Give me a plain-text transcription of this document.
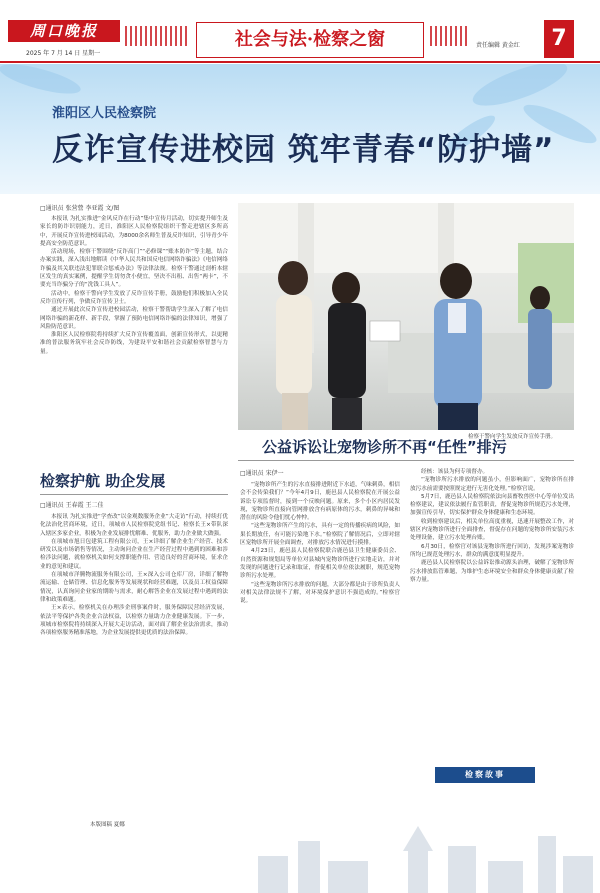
周口晚报
2025 年 7 月 14 日 星期一
社会与法·检察之窗	责任编辑 黄金红	7
淮阳区人民检察院
反诈宣传进校园 筑牢青春“防护墙”
□通讯员 张营營 李亚霞 文/图

本报讯 为扎实推进“金风反诈在行动”集中宣传月活动，切实提升师生及家长的防诈识别能力，近日，淮阳区人民检察院组织干警走进辖区多所高中，开展反诈宣传进校园活动，为8000余名师生普及反诈知识，引导青少年提高安全防范意识。

活动现场，检察干警围绕“反诈高门”“必修课”“账本防诈”等主题，结合办案实践，深入浅出地解读《中华人民共和国反电信网络诈骗法》《电信网络诈骗及其关联违法犯罪联合惩戒办法》等法律法规。检察干警通过剖析本辖区发生的真实案例，提醒学生切勿贪小便宜，坚决不出租、出售“两卡”，不要充当诈骗分子的“洗钱工具人”。

活动中，检察干警向学生发放了反诈宣传手册，鼓励他们积极加入全民反诈宣传行列，争做反诈宣传卫士。

通过开展此次反诈宣传进校园活动，检察干警帮助学生深入了解了电信网络诈骗的新花样、新手段，掌握了预防电信网络诈骗的法律知识，增强了风险防范意识。

淮阳区人民检察院将持续扩大反诈宣传覆盖面，创新宣传形式，以更精准的普法服务筑牢社会反诈防线，为建设平安和谐社会贡献检察智慧与力量。

检察干警向学生发放反诈宣传手册。
检察护航 助企发展
□通讯员 王春霞 王二佳

本报讯 为扎实推进“学查改”以金观数服务企业”大走访”行动，持续打优化法治化营商环境，近日，项城市人民检察院党组书记、检察长王×带队深入辖区多家企业，积极为企业发展排忧解难、优服务，助力企业做大做强。

在项城市旭日包建筑工程有限公司，王×详细了解企业生产经营、技术研发以及市场销售等情况，主动询问企业在生产经营过程中遇到的困难和涉检涉法问题，就检察机关如何支撑职能作用、营造良好的营商环境，征求企业的意见和建议。

在项城市洋腾物流服务有限公司，王×深入公司仓库厂房，详细了解物流运输、仓储管理、信息化服务等发展现状和经营难题，以及员工权益保障情况，认真询问企业家的期盼与需求，耐心解答企业在发展过程中遇到的法律和政策难题。

王×表示，检察机关在办理涉企刑事案件时，服务保障民营经济发展，依法平等保护各类企业合法权益，以检察力量助力企业健康发展。下一步，项城市检察院将持续深入开展大走访活动，面对面了解企业法治需求，推动各项检察服务精准落地，为企业发展提供更优质的法治保障。

本版图稿 夏娜
公益诉讼让宠物诊所不再“任性”排污
□通讯员 宋伊一

“宠物诊所产生的污水直接排进附近下水道，气味刺鼻，相信会不会传染我们？”今年4月9日，鹿邑县人民检察院在开展公益诉讼专项监督时，接到一个反映问题。原来，多个小区内居民发现，宠物诊所直接向管网排放含有病原体的污水，刺鼻的异味和潜在的风险令他们忧心忡忡。

“这些宠物诊所产生的污水，具有一定的传播疾病的风险，如果长期放任，有可能污染地下水。”检察院了解情况后，立即对辖区宠物诊所开展全面调查，对排放污水情况进行摸排。

4月23日，鹿邑县人民检察院联合鹿邑县卫生健康委员会、自然资源和规划局等单位对县城内宠物诊所进行实地走访，并对发现的问题进行记录和取证，督促相关单位依法履职，规范宠物诊所污水处理。

“这些宠物诊所污水排放的问题，大部分都是由于诊所负责人对相关法律法规不了解，对环境保护意识不强造成的。”检察官说。

经核：该县为何专项督办。

“宠物诊所污水排放的问题虽小，但影响面广，宠物诊所在排放污水前需要按照规定进行无害化处理。”检察官说。

5月7日，鹿邑县人民检察院依法向县畜牧兽医中心等单位发出检察建议，建议依法履行监管职责，督促宠物诊所规范污水处理，加强宣传引导，切实保护群众身体健康和生态环境。

收到检察建议后，相关单位高度重视，迅速开展整改工作，对辖区内宠物诊所进行全面排查，督促存在问题的宠物诊所安装污水处理设备，建立污水处理台账。

6月30日，检察官对该县宠物诊所进行回访，发现涉案宠物诊所均已规范处理污水，群众的满意度明显提升。

鹿邑县人民检察院以公益诉讼推动源头治理，破解了宠物诊所污水排放监管难题，为维护生态环境安全和群众身体健康贡献了检察力量。

检察故事
